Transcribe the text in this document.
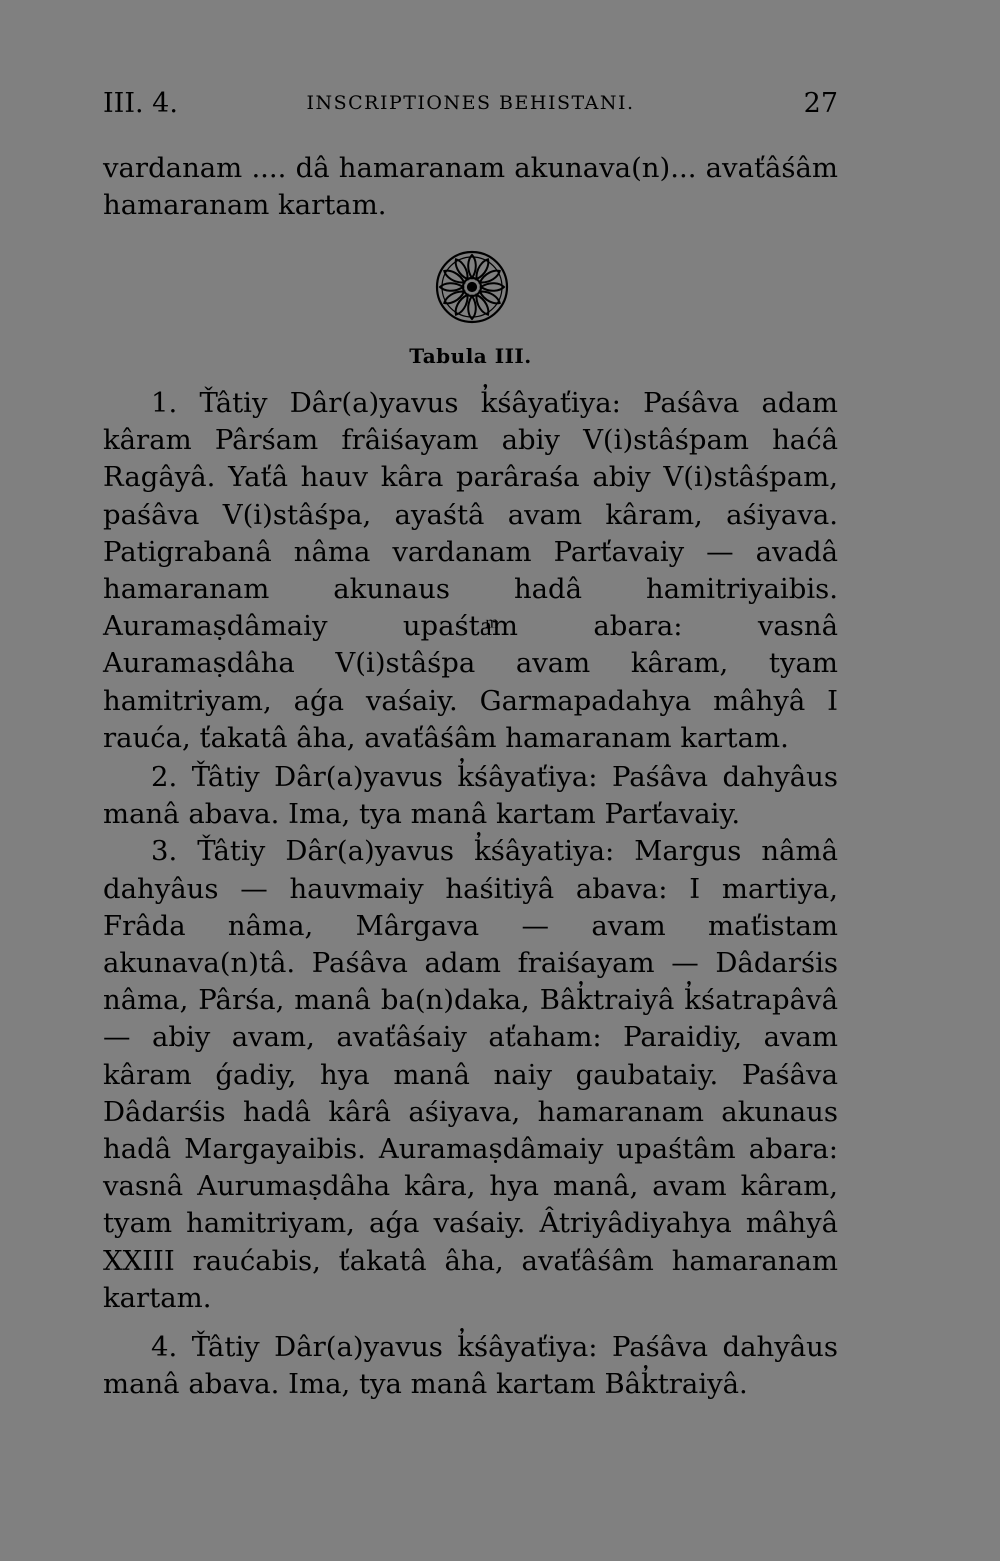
III. 4.	INSCRIPTIONES BEHISTANI.	27

vardanam .... dâ hamaranam akunava(n)... avaťâśâm hamaranam kartam.

Tabula III.

1. Ťâtiy Dâr(a)yavus k̓śâyaťiya: Paśâva adam kâram Pârśam frâiśayam abiy V(i)stâśpam haćâ Ragâyâ. Yaťâ hauv kâra parâraśa abiy V(i)stâśpam, paśâva V(i)stâśpa, ayaśtâ avam kâram, aśiyava. Patigrabanâ nâma vardanam Parťavaiy — avadâ hamaranam akunaus hadâ hamitriyaibis. Auramaṣdâmaiy upaśtaͫm abara: vasnâ Auramaṣdâha V(i)stâśpa avam kâram, tyam hamitriyam, aǵa vaśaiy. Garmapadahya mâhyâ I rauća, ťakatâ âha, avaťâśâm hamaranam kartam.

2. Ťâtiy Dâr(a)yavus k̓śâyaťiya: Paśâva dahyâus manâ abava. Ima, tya manâ kartam Parťavaiy.

3. Ťâtiy Dâr(a)yavus k̓śâyatiya: Margus nâmâ dahyâus — hauvmaiy haśitiyâ abava: Ӏ martiya, Frâda nâma, Mârgava — avam maťistam akunava(n)tâ. Paśâva adam fraiśayam — Dâdarśis nâma, Pârśa, manâ ba(n)daka, Bâk̓traiyâ k̓śatrapâvâ — abiy avam, avaťâśaiy aťaham: Paraidiy, avam kâram ǵadiy, hya manâ naiy gaubataiy. Paśâva Dâdarśis hadâ kârâ aśiyava, hamaranam akunaus hadâ Margayaibis. Auramaṣdâmaiy upaśtâm abara: vasnâ Aurumaṣdâha kâra, hya manâ, avam kâram, tyam hamitriyam, aǵa vaśaiy. Âtriyâdiyahya mâhyâ XXIII raućabis, ťakatâ âha, avaťâśâm hamaranam kartam.

4. Ťâtiy Dâr(a)yavus k̓śâyaťiya: Paśâva dahyâus manâ abava. Ima, tya manâ kartam Bâk̓traiyâ.
